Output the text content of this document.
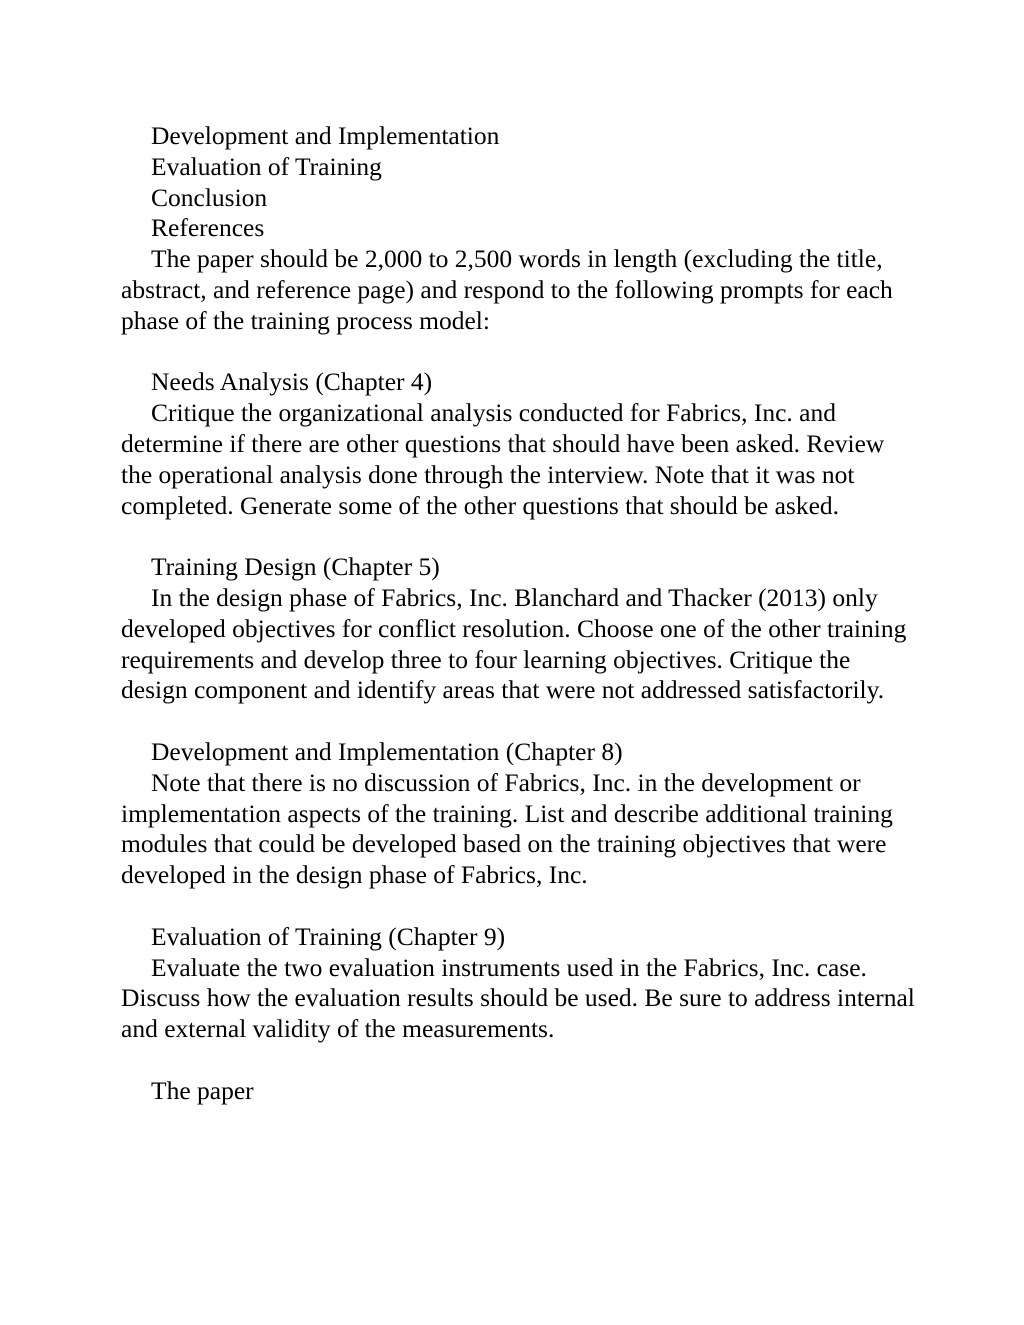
Development and Implementation
Evaluation of Training
Conclusion
References

The paper should be 2,000 to 2,500 words in length (excluding the title, abstract, and reference page) and respond to the following prompts for each phase of the training process model:

Needs Analysis (Chapter 4)

Critique the organizational analysis conducted for Fabrics, Inc. and determine if there are other questions that should have been asked. Review the operational analysis done through the interview. Note that it was not completed. Generate some of the other questions that should be asked.

Training Design (Chapter 5)

In the design phase of Fabrics, Inc. Blanchard and Thacker (2013) only developed objectives for conflict resolution. Choose one of the other training requirements and develop three to four learning objectives. Critique the design component and identify areas that were not addressed satisfactorily.

Development and Implementation (Chapter 8)

Note that there is no discussion of Fabrics, Inc. in the development or implementation aspects of the training. List and describe additional training modules that could be developed based on the training objectives that were developed in the design phase of Fabrics, Inc.

Evaluation of Training (Chapter 9)

Evaluate the two evaluation instruments used in the Fabrics, Inc. case. Discuss how the evaluation results should be used. Be sure to address internal and external validity of the measurements.

The paper
